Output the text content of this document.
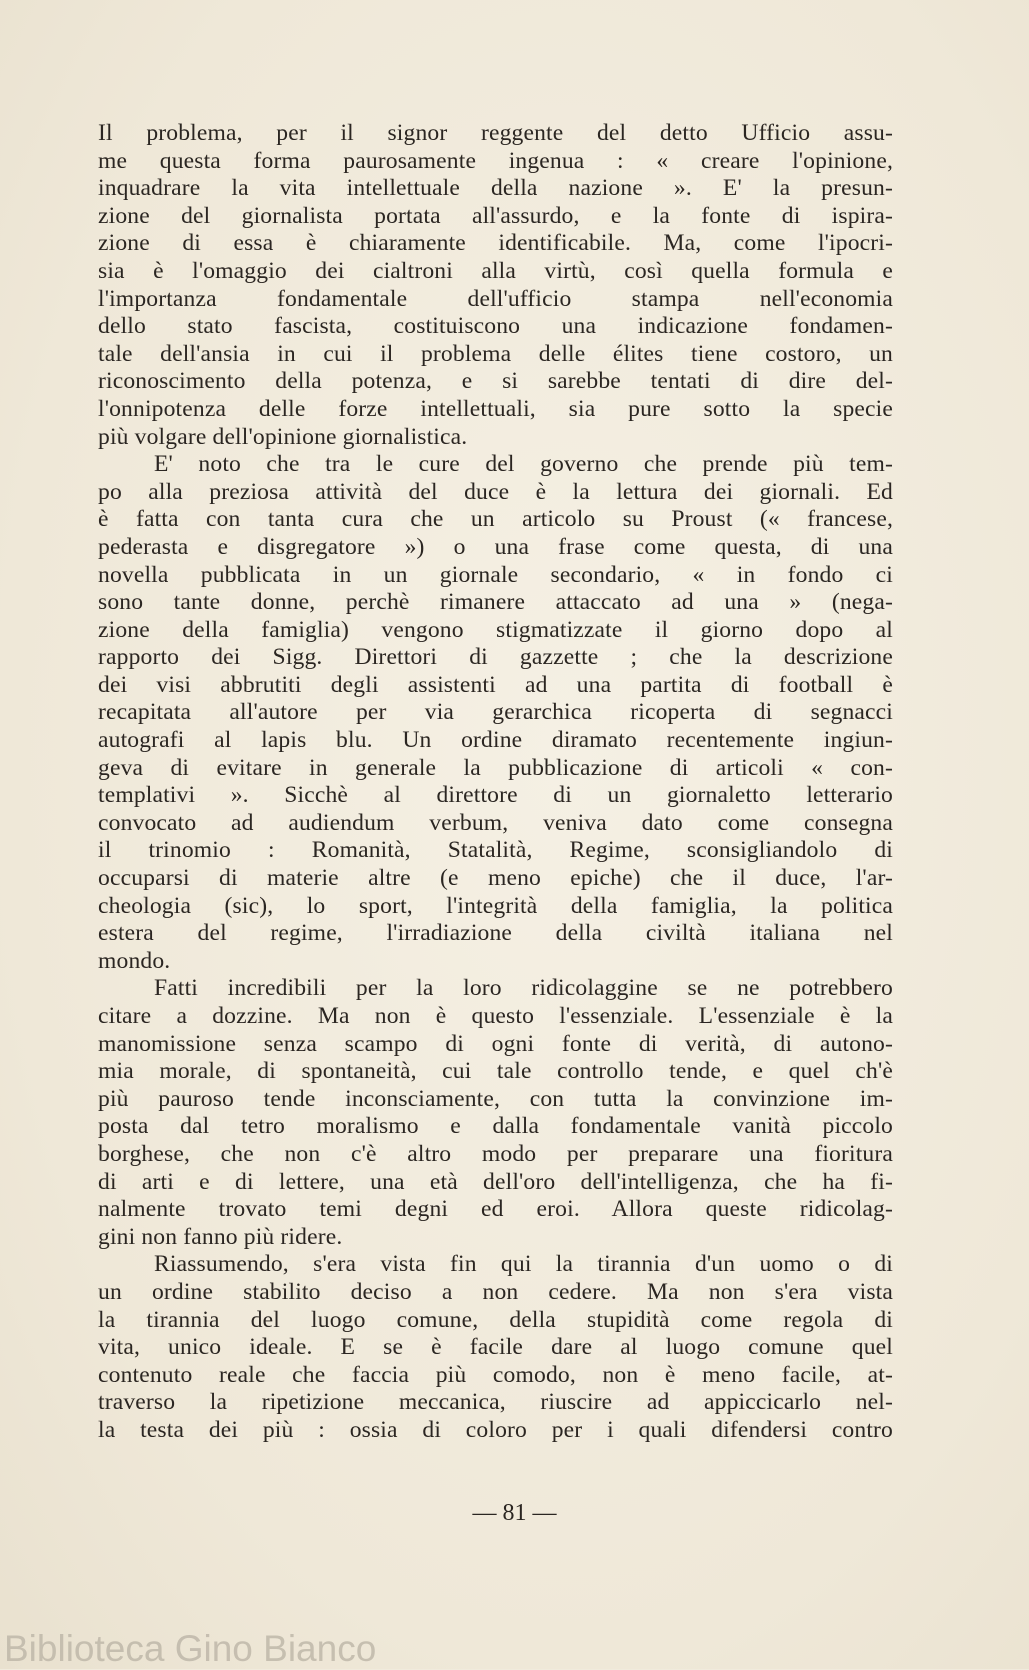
Il problema, per il signor reggente del detto Ufficio assu-
me questa forma paurosamente ingenua : « creare l'opinione,
inquadrare la vita intellettuale della nazione ». E' la presun-
zione del giornalista portata all'assurdo, e la fonte di ispira-
zione di essa è chiaramente identificabile. Ma, come l'ipocri-
sia è l'omaggio dei cialtroni alla virtù, così quella formula e
l'importanza fondamentale dell'ufficio stampa nell'economia
dello stato fascista, costituiscono una indicazione fondamen-
tale dell'ansia in cui il problema delle élites tiene costoro, un
riconoscimento della potenza, e si sarebbe tentati di dire del-
l'onnipotenza delle forze intellettuali, sia pure sotto la specie
più volgare dell'opinione giornalistica.
E' noto che tra le cure del governo che prende più tem-
po alla preziosa attività del duce è la lettura dei giornali. Ed
è fatta con tanta cura che un articolo su Proust (« francese,
pederasta e disgregatore ») o una frase come questa, di una
novella pubblicata in un giornale secondario, « in fondo ci
sono tante donne, perchè rimanere attaccato ad una » (nega-
zione della famiglia) vengono stigmatizzate il giorno dopo al
rapporto dei Sigg. Direttori di gazzette ; che la descrizione
dei visi abbrutiti degli assistenti ad una partita di football è
recapitata all'autore per via gerarchica ricoperta di segnacci
autografi al lapis blu. Un ordine diramato recentemente ingiun-
geva di evitare in generale la pubblicazione di articoli « con-
templativi ». Sicchè al direttore di un giornaletto letterario
convocato ad audiendum verbum, veniva dato come consegna
il trinomio : Romanità, Statalità, Regime, sconsigliandolo di
occuparsi di materie altre (e meno epiche) che il duce, l'ar-
cheologia (sic), lo sport, l'integrità della famiglia, la politica
estera del regime, l'irradiazione della civiltà italiana nel
mondo.
Fatti incredibili per la loro ridicolaggine se ne potrebbero
citare a dozzine. Ma non è questo l'essenziale. L'essenziale è la
manomissione senza scampo di ogni fonte di verità, di autono-
mia morale, di spontaneità, cui tale controllo tende, e quel ch'è
più pauroso tende inconsciamente, con tutta la convinzione im-
posta dal tetro moralismo e dalla fondamentale vanità piccolo
borghese, che non c'è altro modo per preparare una fioritura
di arti e di lettere, una età dell'oro dell'intelligenza, che ha fi-
nalmente trovato temi degni ed eroi. Allora queste ridicolag-
gini non fanno più ridere.
Riassumendo, s'era vista fin qui la tirannia d'un uomo o di
un ordine stabilito deciso a non cedere. Ma non s'era vista
la tirannia del luogo comune, della stupidità come regola di
vita, unico ideale. E se è facile dare al luogo comune quel
contenuto reale che faccia più comodo, non è meno facile, at-
traverso la ripetizione meccanica, riuscire ad appiccicarlo nel-
la testa dei più : ossia di coloro per i quali difendersi contro
— 81 —
Biblioteca Gino Bianco
